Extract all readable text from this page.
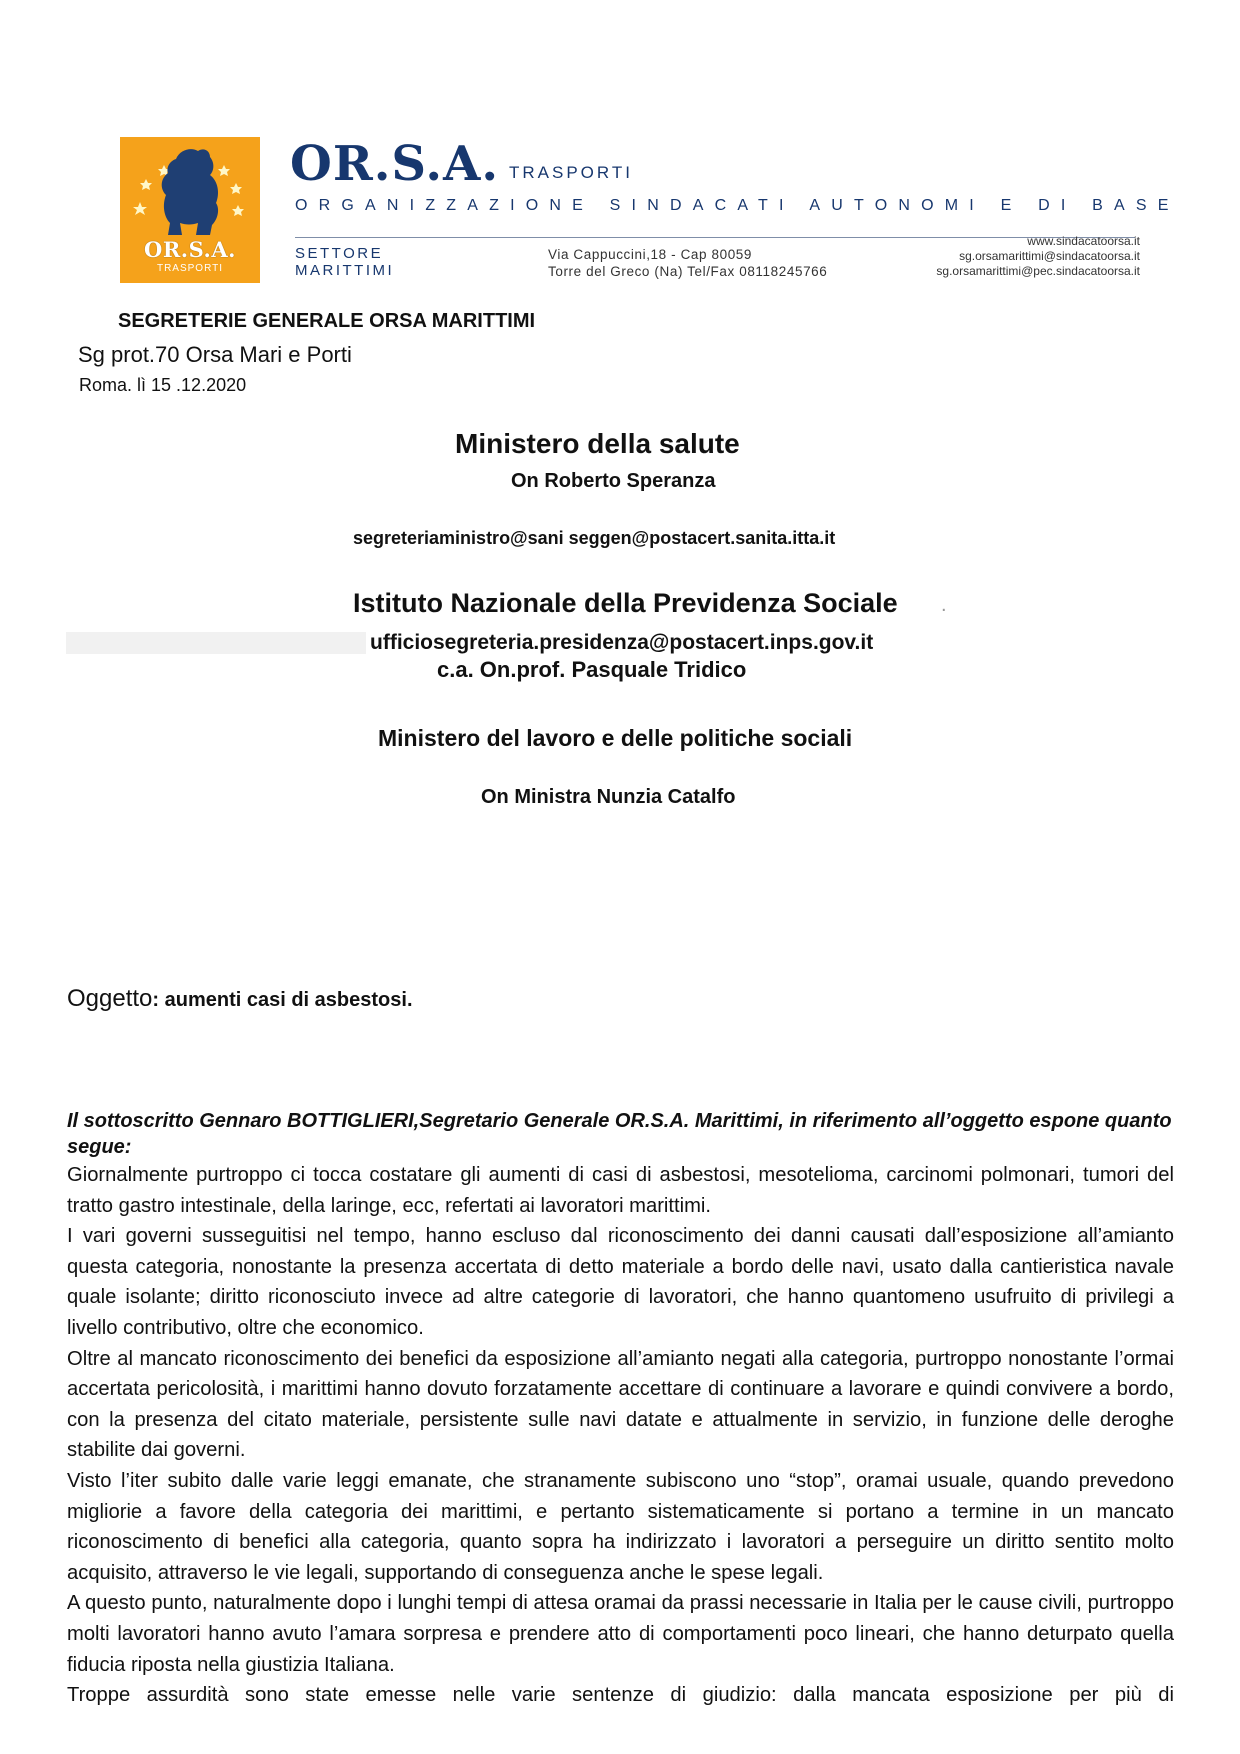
OR.S.A.
TRASPORTI
OR.S.A. TRASPORTI
ORGANIZZAZIONE SINDACATI AUTONOMI E DI BASE
SETTORE
MARITTIMI
Via Cappuccini,18 - Cap 80059
Torre del Greco (Na) Tel/Fax 08118245766
www.sindacatoorsa.it
sg.orsamarittimi@sindacatoorsa.it
sg.orsamarittimi@pec.sindacatoorsa.it
SEGRETERIE GENERALE ORSA MARITTIMI
Sg prot.70 Orsa Mari e Porti
Roma. lì 15 .12.2020
Ministero della salute
On Roberto Speranza
segreteriaministro@sani seggen@postacert.sanita.itta.it
Istituto Nazionale della Previdenza Sociale .
ufficiosegreteria.presidenza@postacert.inps.gov.it
c.a. On.prof. Pasquale Tridico
Ministero del lavoro e delle politiche sociali
On Ministra Nunzia Catalfo
Oggetto: aumenti casi di asbestosi.
Il sottoscritto Gennaro BOTTIGLIERI,Segretario Generale OR.S.A. Marittimi, in riferimento all’oggetto espone quanto segue:

Giornalmente purtroppo ci tocca costatare gli aumenti di casi di asbestosi, mesotelioma, carcinomi polmonari, tumori del tratto gastro intestinale, della laringe, ecc, refertati ai lavoratori marittimi.

I vari governi susseguitisi nel tempo, hanno escluso dal riconoscimento dei danni causati dall’esposizione all’amianto questa categoria, nonostante la presenza accertata di detto materiale a bordo delle navi, usato dalla cantieristica navale quale isolante; diritto riconosciuto invece ad altre categorie di lavoratori, che hanno quantomeno usufruito di privilegi a livello contributivo, oltre che economico.

Oltre al mancato riconoscimento dei benefici da esposizione all’amianto negati alla categoria, purtroppo nonostante l’ormai accertata pericolosità, i marittimi hanno dovuto forzatamente accettare di continuare a lavorare e quindi convivere a bordo, con la presenza del citato materiale, persistente sulle navi datate e attualmente in servizio, in funzione delle deroghe stabilite dai governi.

Visto l’iter subito dalle varie leggi emanate, che stranamente subiscono uno “stop”, oramai usuale, quando prevedono migliorie a favore della categoria dei marittimi, e pertanto sistematicamente si portano a termine in un mancato riconoscimento di benefici alla categoria, quanto sopra ha indirizzato i lavoratori a perseguire un diritto sentito molto acquisito, attraverso le vie legali, supportando di conseguenza anche le spese legali.

A questo punto, naturalmente dopo i lunghi tempi di attesa oramai da prassi necessarie in Italia per le cause civili, purtroppo molti lavoratori hanno avuto l’amara sorpresa e prendere atto di comportamenti poco lineari, che hanno deturpato quella fiducia riposta nella giustizia Italiana.

Troppe assurdità sono state emesse nelle varie sentenze di giudizio: dalla mancata esposizione per più di
